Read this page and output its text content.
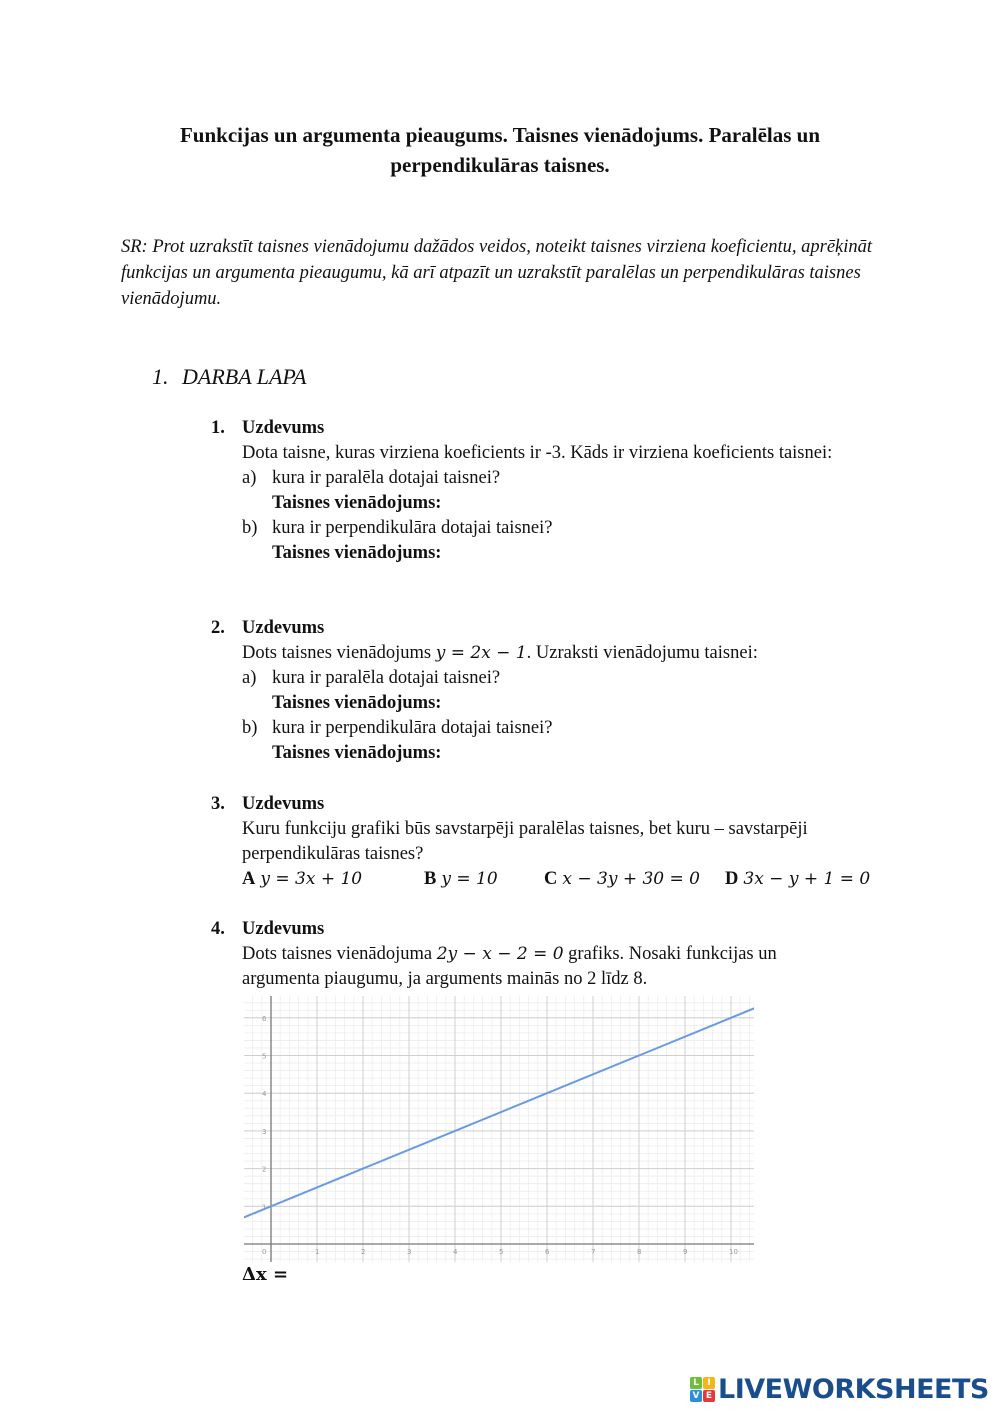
Funkcijas un argumenta pieaugums. Taisnes vienādojums. Paralēlas un perpendikulāras taisnes.
SR: Prot uzrakstīt taisnes vienādojumu dažādos veidos, noteikt taisnes virziena koeficientu, aprēķināt funkcijas un argumenta pieaugumu, kā arī atpazīt un uzrakstīt paralēlas un perpendikulāras taisnes vienādojumu.
1. DARBA LAPA
1. Uzdevums
Dota taisne, kuras virziena koeficients ir -3. Kāds ir virziena koeficients taisnei:
a) kura ir paralēla dotajai taisnei?
Taisnes vienādojums:
b) kura ir perpendikulāra dotajai taisnei?
Taisnes vienādojums:
2. Uzdevums
Dots taisnes vienādojums y = 2x − 1. Uzraksti vienādojumu taisnei:
a) kura ir paralēla dotajai taisnei?
Taisnes vienādojums:
b) kura ir perpendikulāra dotajai taisnei?
Taisnes vienādojums:
3. Uzdevums
Kuru funkciju grafiki būs savstarpēji paralēlas taisnes, bet kuru – savstarpēji perpendikulāras taisnes?
A y = 3x + 10	B y = 10	C x − 3y + 30 = 0	D 3x − y + 1 = 0
4. Uzdevums
Dots taisnes vienādojuma 2y − x − 2 = 0 grafiks. Nosaki funkcijas un argumenta piaugumu, ja arguments mainās no 2 līdz 8.
0	1	2	3	4	5	6	7	8	9	10
1
2
3
4
5
6
Δx =
L I
V E LIVEWORKSHEETS
